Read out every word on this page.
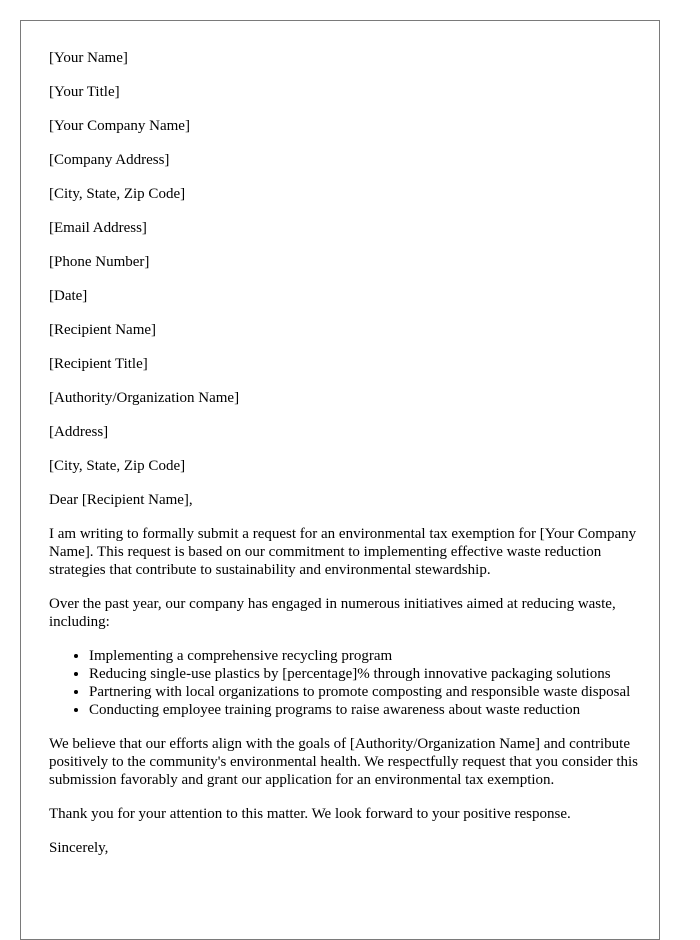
[Your Name]
[Your Title]
[Your Company Name]
[Company Address]
[City, State, Zip Code]
[Email Address]
[Phone Number]
[Date]
[Recipient Name]
[Recipient Title]
[Authority/Organization Name]
[Address]
[City, State, Zip Code]
Dear [Recipient Name],

I am writing to formally submit a request for an environmental tax exemption for [Your Company Name]. This request is based on our commitment to implementing effective waste reduction strategies that contribute to sustainability and environmental stewardship.

Over the past year, our company has engaged in numerous initiatives aimed at reducing waste, including:

• Implementing a comprehensive recycling program
• Reducing single-use plastics by [percentage]% through innovative packaging solutions
• Partnering with local organizations to promote composting and responsible waste disposal
• Conducting employee training programs to raise awareness about waste reduction

We believe that our efforts align with the goals of [Authority/Organization Name] and contribute positively to the community's environmental health. We respectfully request that you consider this submission favorably and grant our application for an environmental tax exemption.

Thank you for your attention to this matter. We look forward to your positive response.

Sincerely,
